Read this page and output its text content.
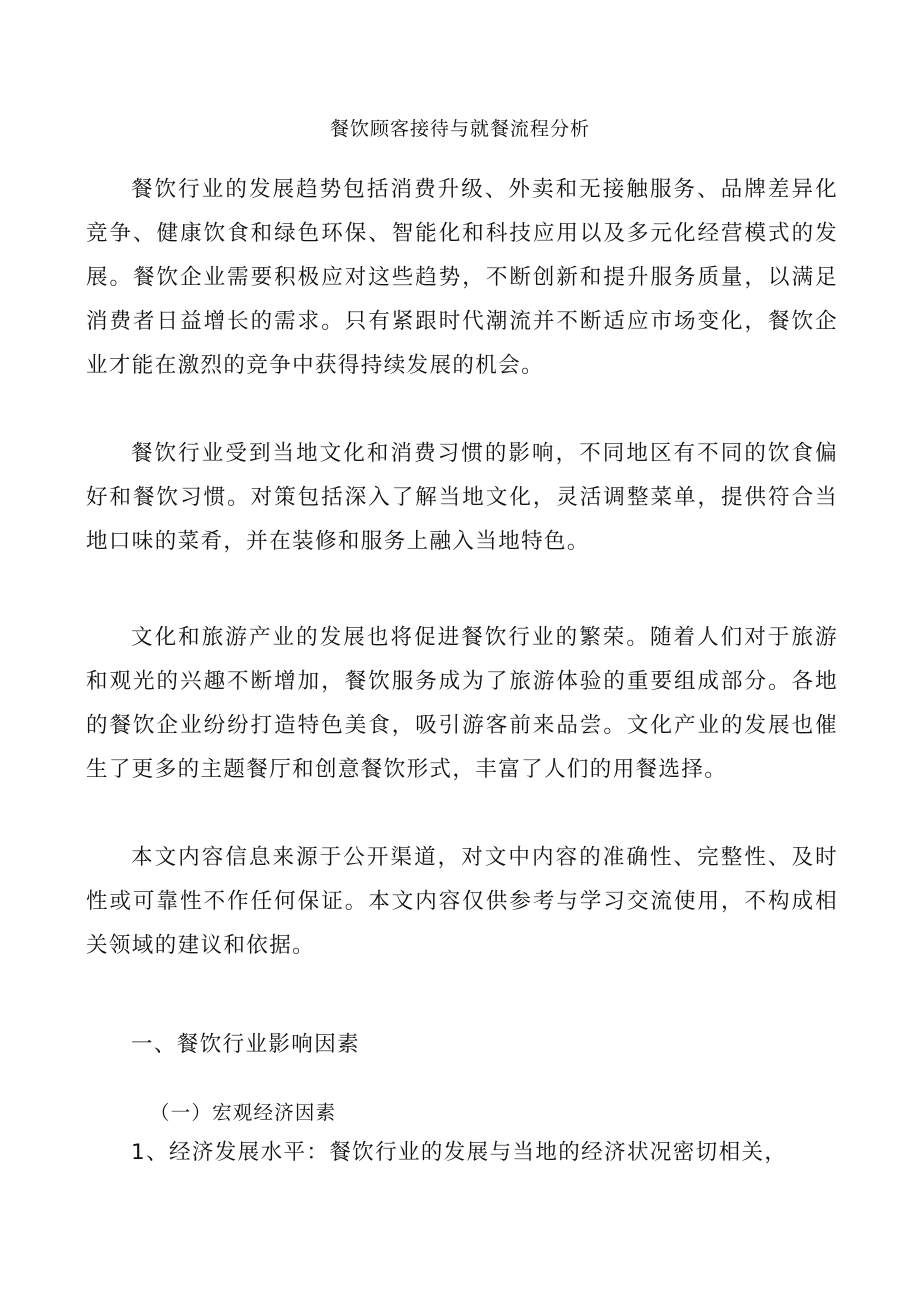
餐饮顾客接待与就餐流程分析

餐饮行业的发展趋势包括消费升级、外卖和无接触服务、品牌差异化竞争、健康饮食和绿色环保、智能化和科技应用以及多元化经营模式的发展。餐饮企业需要积极应对这些趋势，不断创新和提升服务质量，以满足消费者日益增长的需求。只有紧跟时代潮流并不断适应市场变化，餐饮企业才能在激烈的竞争中获得持续发展的机会。

餐饮行业受到当地文化和消费习惯的影响，不同地区有不同的饮食偏好和餐饮习惯。对策包括深入了解当地文化，灵活调整菜单，提供符合当地口味的菜肴，并在装修和服务上融入当地特色。

文化和旅游产业的发展也将促进餐饮行业的繁荣。随着人们对于旅游和观光的兴趣不断增加，餐饮服务成为了旅游体验的重要组成部分。各地的餐饮企业纷纷打造特色美食，吸引游客前来品尝。文化产业的发展也催生了更多的主题餐厅和创意餐饮形式，丰富了人们的用餐选择。

本文内容信息来源于公开渠道，对文中内容的准确性、完整性、及时性或可靠性不作任何保证。本文内容仅供参考与学习交流使用，不构成相关领域的建议和依据。

一、餐饮行业影响因素
（一）宏观经济因素
1、经济发展水平：餐饮行业的发展与当地的经济状况密切相关，
